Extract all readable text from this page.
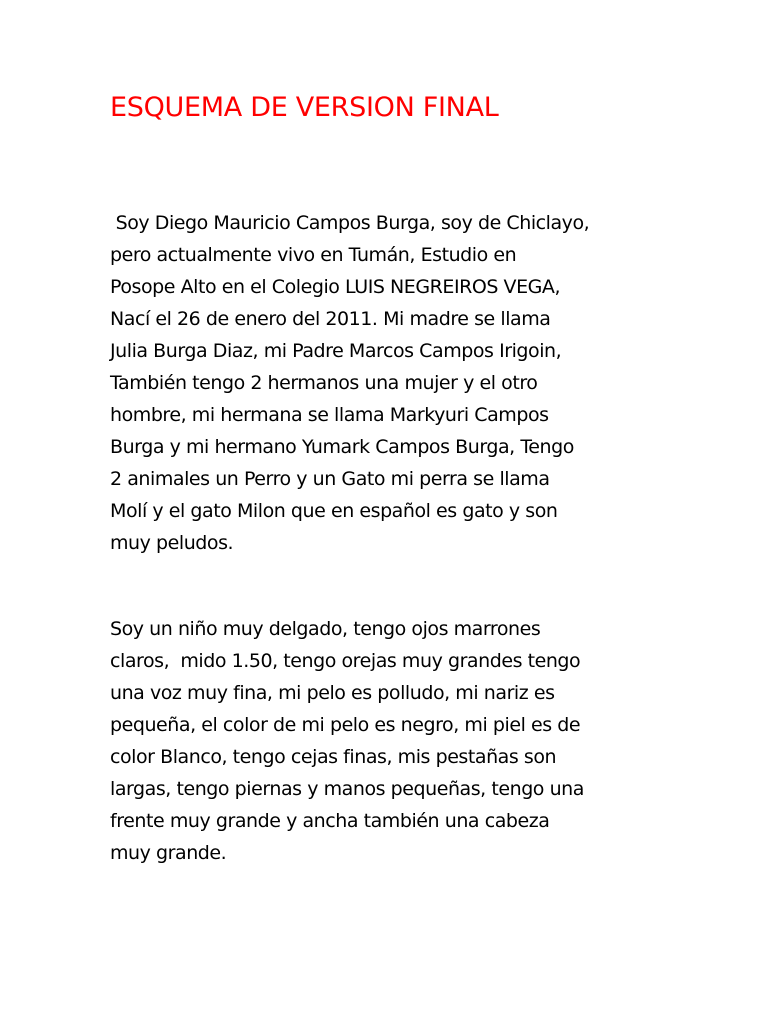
ESQUEMA DE VERSION FINAL

Soy Diego Mauricio Campos Burga, soy de Chiclayo,
pero actualmente vivo en Tumán, Estudio en
Posope Alto en el Colegio LUIS NEGREIROS VEGA,
Nací el 26 de enero del 2011. Mi madre se llama
Julia Burga Diaz, mi Padre Marcos Campos Irigoin,
También tengo 2 hermanos una mujer y el otro
hombre, mi hermana se llama Markyuri Campos
Burga y mi hermano Yumark Campos Burga, Tengo
2 animales un Perro y un Gato mi perra se llama
Molí y el gato Milon que en español es gato y son
muy peludos.

Soy un niño muy delgado, tengo ojos marrones
claros,  mido 1.50, tengo orejas muy grandes tengo
una voz muy fina, mi pelo es polludo, mi nariz es
pequeña, el color de mi pelo es negro, mi piel es de
color Blanco, tengo cejas finas, mis pestañas son
largas, tengo piernas y manos pequeñas, tengo una
frente muy grande y ancha también una cabeza
muy grande.
